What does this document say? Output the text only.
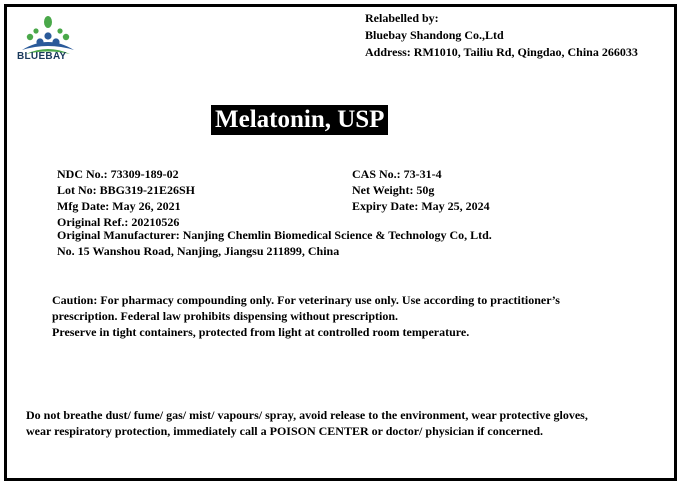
BLUEBAY
Relabelled by:
Bluebay Shandong Co.,Ltd
Address: RM1010, Tailiu Rd, Qingdao, China 266033
Melatonin, USP
NDC No.: 73309-189-02
Lot No: BBG319-21E26SH
Mfg Date: May 26, 2021
Original Ref.: 20210526
CAS No.: 73-31-4
Net Weight: 50g
Expiry Date: May 25, 2024
Original Manufacturer: Nanjing Chemlin Biomedical Science & Technology Co, Ltd.
No. 15 Wanshou Road, Nanjing, Jiangsu 211899, China
Caution: For pharmacy compounding only. For veterinary use only. Use according to practitioner’s
prescription. Federal law prohibits dispensing without prescription.
Preserve in tight containers, protected from light at controlled room temperature.
Do not breathe dust/ fume/ gas/ mist/ vapours/ spray, avoid release to the environment, wear protective gloves,
wear respiratory protection, immediately call a POISON CENTER or doctor/ physician if concerned.
